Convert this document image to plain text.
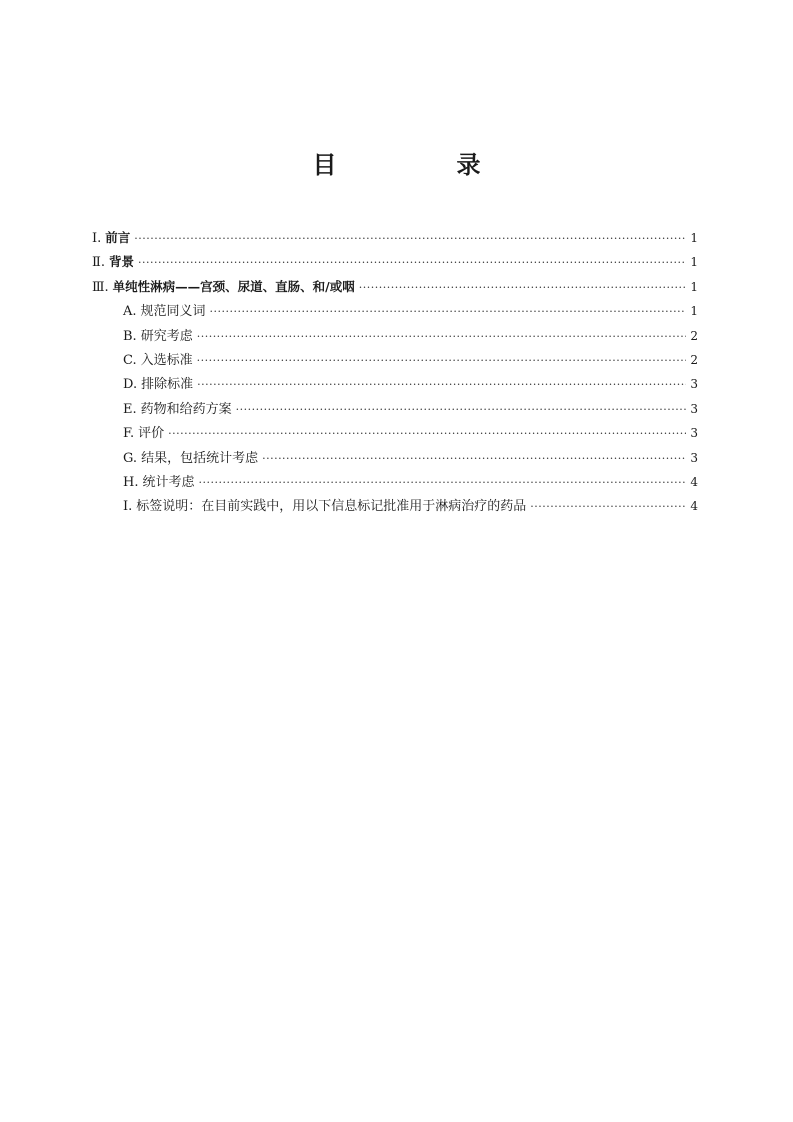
目　录
Ⅰ. 前言 ·····	1
Ⅱ. 背景 ·····	1
Ⅲ. 单纯性淋病——宫颈、尿道、直肠、和/或咽 ·····	1
A. 规范同义词 ·····	1
B. 研究考虑 ·····	2
C. 入选标准 ·····	2
D. 排除标准 ·····	3
E. 药物和给药方案 ·····	3
F. 评价 ·····	3
G. 结果，包括统计考虑 ·····	3
H. 统计考虑 ·····	4
I. 标签说明：在目前实践中，用以下信息标记批准用于淋病治疗的药品 ·····	4
